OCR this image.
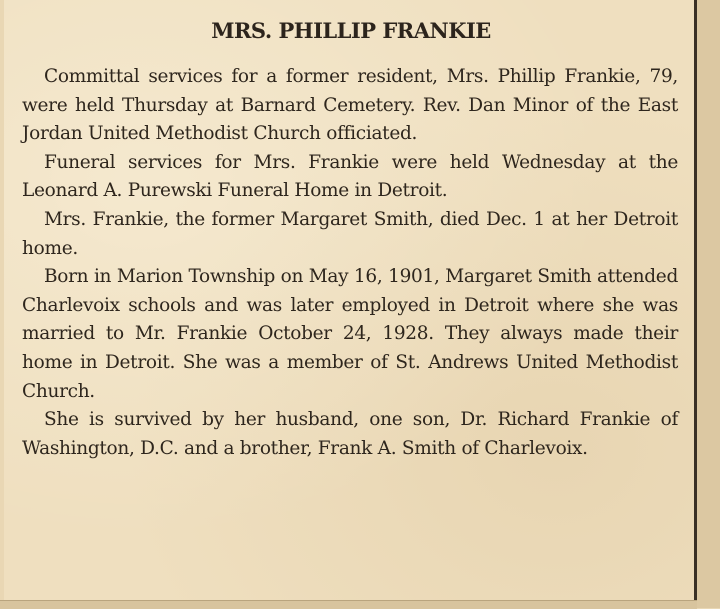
MRS. PHILLIP FRANKIE

Committal services for a former resident, Mrs. Phillip Frankie, 79, were held Thursday at Barnard Cemetery. Rev. Dan Minor of the East Jordan United Methodist Church officiated.

Funeral services for Mrs. Frankie were held Wednesday at the Leonard A. Purewski Funeral Home in Detroit.

Mrs. Frankie, the former Margaret Smith, died Dec. 1 at her Detroit home.

Born in Marion Township on May 16, 1901, Margaret Smith attended Charlevoix schools and was later employed in Detroit where she was married to Mr. Frankie October 24, 1928. They always made their home in Detroit. She was a member of St. Andrews United Methodist Church.

She is survived by her husband, one son, Dr. Richard Frankie of Washington, D.C. and a brother, Frank A. Smith of Charlevoix.
